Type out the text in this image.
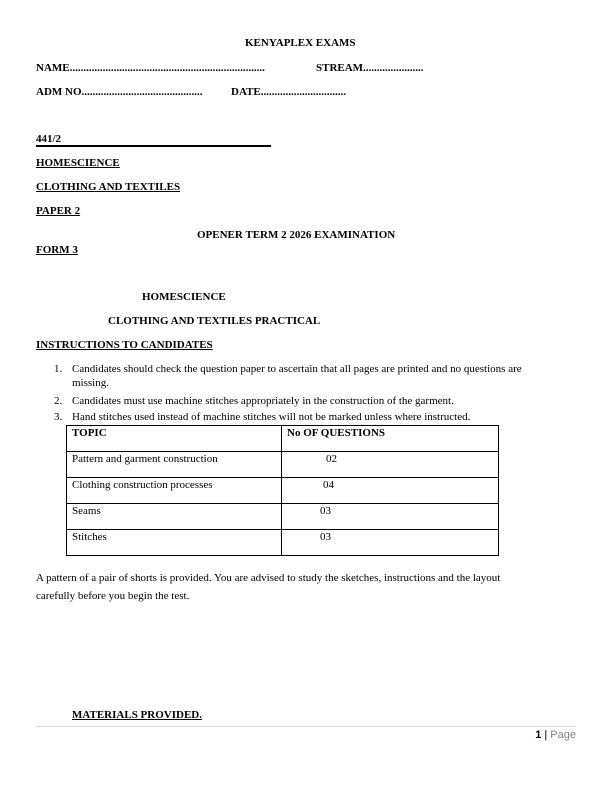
KENYAPLEX EXAMS
NAME.......................................................................	STREAM......................
ADM NO............................................	DATE...............................
441/2
HOMESCIENCE
CLOTHING AND TEXTILES
PAPER 2
OPENER TERM 2 2026 EXAMINATION
FORM 3
HOMESCIENCE
CLOTHING AND TEXTILES PRACTICAL
INSTRUCTIONS TO CANDIDATES
1. Candidates should check the question paper to ascertain that all pages are printed and no questions are
missing.
2. Candidates must use machine stitches appropriately in the construction of the garment.
3. Hand stitches used instead of machine stitches will not be marked unless where instructed.
TOPIC	No OF QUESTIONS
Pattern and garment construction	02
Clothing construction processes	04
Seams	03
Stitches	03
A pattern of a pair of shorts is provided. You are advised to study the sketches, instructions and the layout
carefully before you begin the test.
MATERIALS PROVIDED.
1 | Page
